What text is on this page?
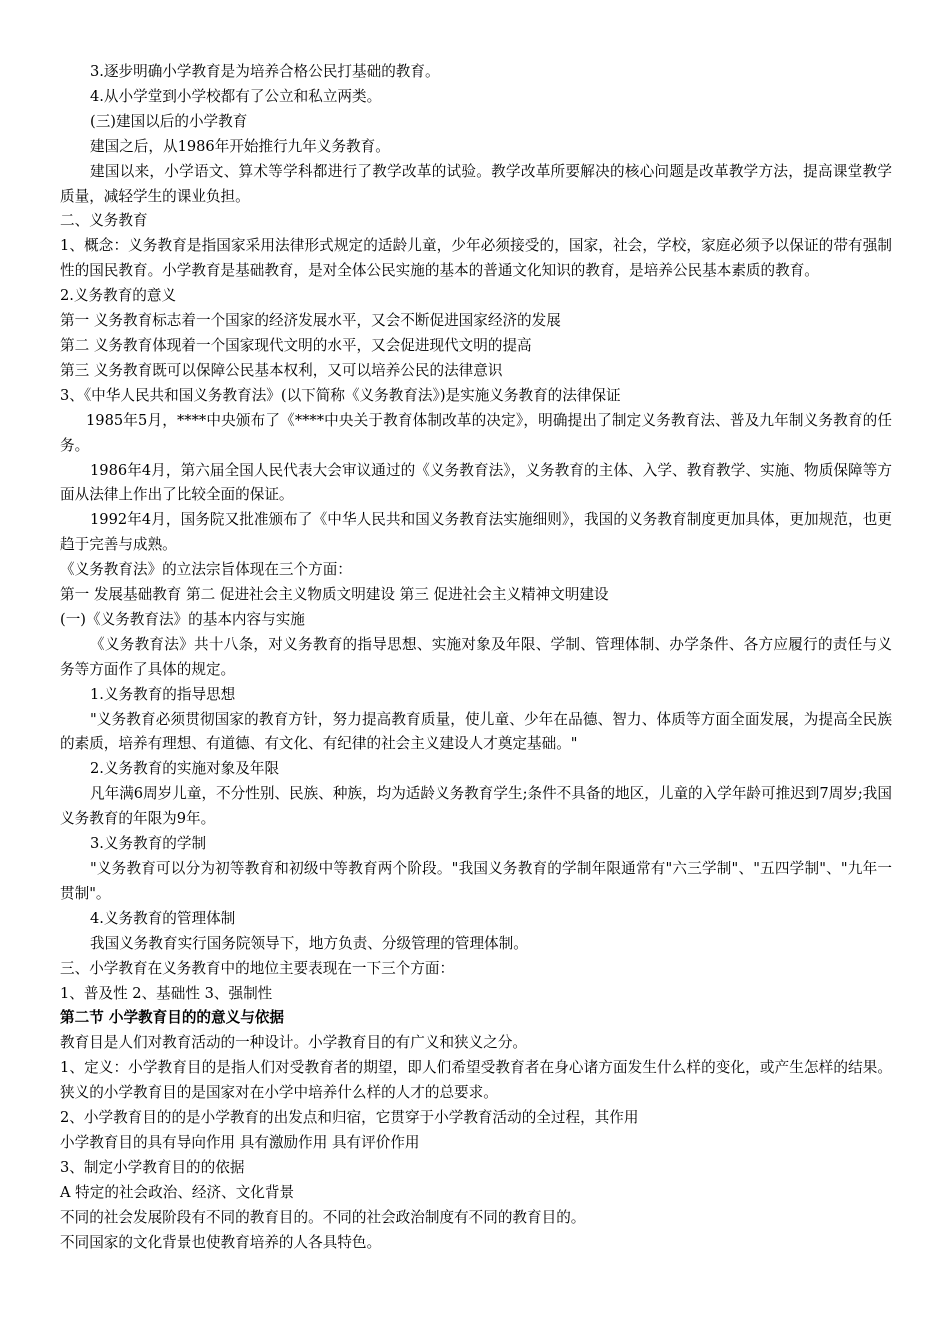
3.逐步明确小学教育是为培养合格公民打基础的教育。

4.从小学堂到小学校都有了公立和私立两类。

(三)建国以后的小学教育

建国之后，从1986年开始推行九年义务教育。

建国以来，小学语文、算术等学科都进行了教学改革的试验。教学改革所要解决的核心问题是改革教学方法，提高课堂教学质量，减轻学生的课业负担。

二、义务教育

1、概念：义务教育是指国家采用法律形式规定的适龄儿童，少年必须接受的，国家，社会，学校，家庭必须予以保证的带有强制性的国民教育。小学教育是基础教育，是对全体公民实施的基本的普通文化知识的教育，是培养公民基本素质的教育。

2.义务教育的意义

第一 义务教育标志着一个国家的经济发展水平，又会不断促进国家经济的发展

第二 义务教育体现着一个国家现代文明的水平，又会促进现代文明的提高

第三 义务教育既可以保障公民基本权利，又可以培养公民的法律意识

3、《中华人民共和国义务教育法》(以下简称《义务教育法》)是实施义务教育的法律保证

1985年5月，****中央颁布了《****中央关于教育体制改革的决定》，明确提出了制定义务教育法、普及九年制义务教育的任务。

1986年4月，第六届全国人民代表大会审议通过的《义务教育法》，义务教育的主体、入学、教育教学、实施、物质保障等方面从法律上作出了比较全面的保证。

1992年4月，国务院又批准颁布了《中华人民共和国义务教育法实施细则》，我国的义务教育制度更加具体，更加规范，也更趋于完善与成熟。

《义务教育法》的立法宗旨体现在三个方面：

第一 发展基础教育 第二 促进社会主义物质文明建设 第三 促进社会主义精神文明建设

(一)《义务教育法》的基本内容与实施

《义务教育法》共十八条，对义务教育的指导思想、实施对象及年限、学制、管理体制、办学条件、各方应履行的责任与义务等方面作了具体的规定。

1.义务教育的指导思想

"义务教育必须贯彻国家的教育方针，努力提高教育质量，使儿童、少年在品德、智力、体质等方面全面发展，为提高全民族的素质，培养有理想、有道德、有文化、有纪律的社会主义建设人才奠定基础。"

2.义务教育的实施对象及年限

凡年满6周岁儿童，不分性别、民族、种族，均为适龄义务教育学生;条件不具备的地区，儿童的入学年龄可推迟到7周岁;我国义务教育的年限为9年。

3.义务教育的学制

"义务教育可以分为初等教育和初级中等教育两个阶段。"我国义务教育的学制年限通常有"六三学制"、"五四学制"、"九年一贯制"。

4.义务教育的管理体制

我国义务教育实行国务院领导下，地方负责、分级管理的管理体制。

三、小学教育在义务教育中的地位主要表现在一下三个方面：

1、普及性 2、基础性 3、强制性

第二节 小学教育目的的意义与依据

教育目是人们对教育活动的一种设计。小学教育目的有广义和狭义之分。

1、定义：小学教育目的是指人们对受教育者的期望，即人们希望受教育者在身心诸方面发生什么样的变化，或产生怎样的结果。狭义的小学教育目的是国家对在小学中培养什么样的人才的总要求。

2、小学教育目的的是小学教育的出发点和归宿，它贯穿于小学教育活动的全过程，其作用

小学教育目的具有导向作用 具有激励作用 具有评价作用

3、制定小学教育目的的依据

A 特定的社会政治、经济、文化背景

不同的社会发展阶段有不同的教育目的。不同的社会政治制度有不同的教育目的。

不同国家的文化背景也使教育培养的人各具特色。
